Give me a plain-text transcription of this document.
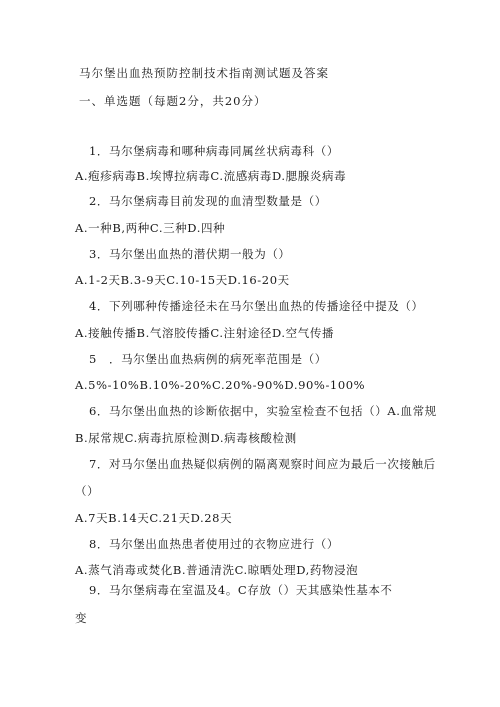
马尔堡出血热预防控制技术指南测试题及答案
一、单选题（每题2分，共20分）
1．马尔堡病毒和哪种病毒同属丝状病毒科（）
A.疱疹病毒B.埃博拉病毒C.流感病毒D.腮腺炎病毒
2．马尔堡病毒目前发现的血清型数量是（）
A.一种B,两种C.三种D.四种
3．马尔堡出血热的潜伏期一般为（）
A.1-2天B.3-9天C.10-15天D.16-20天
4．下列哪种传播途径未在马尔堡出血热的传播途径中提及（）
A.接触传播B.气溶胶传播C.注射途径D.空气传播
5　．马尔堡出血热病例的病死率范围是（）
A.5%-10%B.10%-20%C.20%-90%D.90%-100%
6．马尔堡出血热的诊断依据中，实验室检查不包括（）A.血常规
B.尿常规C.病毒抗原检测D.病毒核酸检测
7．对马尔堡出血热疑似病例的隔离观察时间应为最后一次接触后
（）
A.7天B.14天C.21天D.28天
8．马尔堡出血热患者使用过的衣物应进行（）
A.蒸气消毒或焚化B.普通清洗C.晾晒处理D,药物浸泡
9．马尔堡病毒在室温及4。C存放（）天其感染性基本不
变
